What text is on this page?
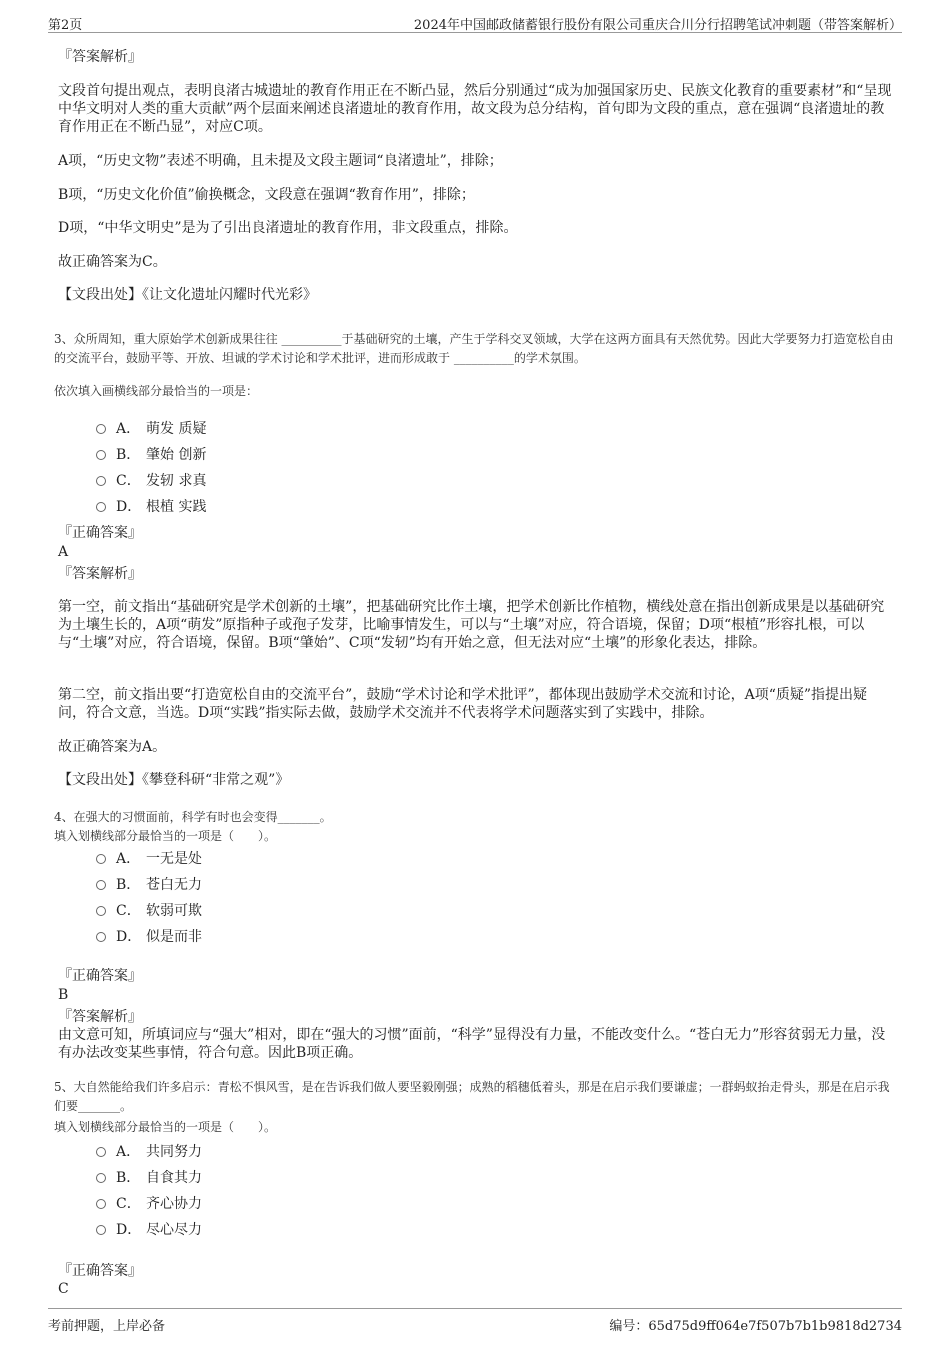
第2页	2024年中国邮政储蓄银行股份有限公司重庆合川分行招聘笔试冲刺题（带答案解析）
『答案解析』
文段首句提出观点，表明良渚古城遗址的教育作用正在不断凸显，然后分别通过“成为加强国家历史、民族文化教育的重要素材”和“呈现中华文明对人类的重大贡献”两个层面来阐述良渚遗址的教育作用，故文段为总分结构，首句即为文段的重点，意在强调“良渚遗址的教育作用正在不断凸显”，对应C项。
A项，“历史文物”表述不明确，且未提及文段主题词“良渚遗址”，排除；
B项，“历史文化价值”偷换概念，文段意在强调“教育作用”，排除；
D项，“中华文明史”是为了引出良渚遗址的教育作用，非文段重点，排除。
故正确答案为C。
【文段出处】《让文化遗址闪耀时代光彩》
3、众所周知，重大原始学术创新成果往往 __________于基础研究的土壤，产生于学科交叉领域，大学在这两方面具有天然优势。因此大学要努力打造宽松自由的交流平台，鼓励平等、开放、坦诚的学术讨论和学术批评，进而形成敢于 __________的学术氛围。
依次填入画横线部分最恰当的一项是：
A． 萌发 质疑
B． 肇始 创新
C． 发轫 求真
D． 根植 实践
『正确答案』
A
『答案解析』
第一空，前文指出“基础研究是学术创新的土壤”，把基础研究比作土壤，把学术创新比作植物，横线处意在指出创新成果是以基础研究为土壤生长的，A项“萌发”原指种子或孢子发芽，比喻事情发生，可以与“土壤”对应，符合语境，保留；D项“根植”形容扎根，可以与“土壤”对应，符合语境，保留。B项“肇始”、C项“发轫”均有开始之意，但无法对应“土壤”的形象化表达，排除。
第二空，前文指出要“打造宽松自由的交流平台”，鼓励“学术讨论和学术批评”，都体现出鼓励学术交流和讨论，A项“质疑”指提出疑问，符合文意，当选。D项“实践”指实际去做，鼓励学术交流并不代表将学术问题落实到了实践中，排除。
故正确答案为A。
【文段出处】《攀登科研“非常之观”》
4、在强大的习惯面前，科学有时也会变得_______。
填入划横线部分最恰当的一项是（　　）。
A． 一无是处
B． 苍白无力
C． 软弱可欺
D． 似是而非
『正确答案』
B
『答案解析』
由文意可知，所填词应与“强大”相对，即在“强大的习惯”面前，“科学”显得没有力量，不能改变什么。“苍白无力”形容贫弱无力量，没有办法改变某些事情，符合句意。因此B项正确。
5、大自然能给我们许多启示：青松不惧风雪，是在告诉我们做人要坚毅刚强；成熟的稻穗低着头，那是在启示我们要谦虚；一群蚂蚁抬走骨头，那是在启示我们要_______。
填入划横线部分最恰当的一项是（　　）。
A． 共同努力
B． 自食其力
C． 齐心协力
D． 尽心尽力
『正确答案』
C
考前押题，上岸必备	编号：65d75d9ff064e7f507b7b1b9818d2734
